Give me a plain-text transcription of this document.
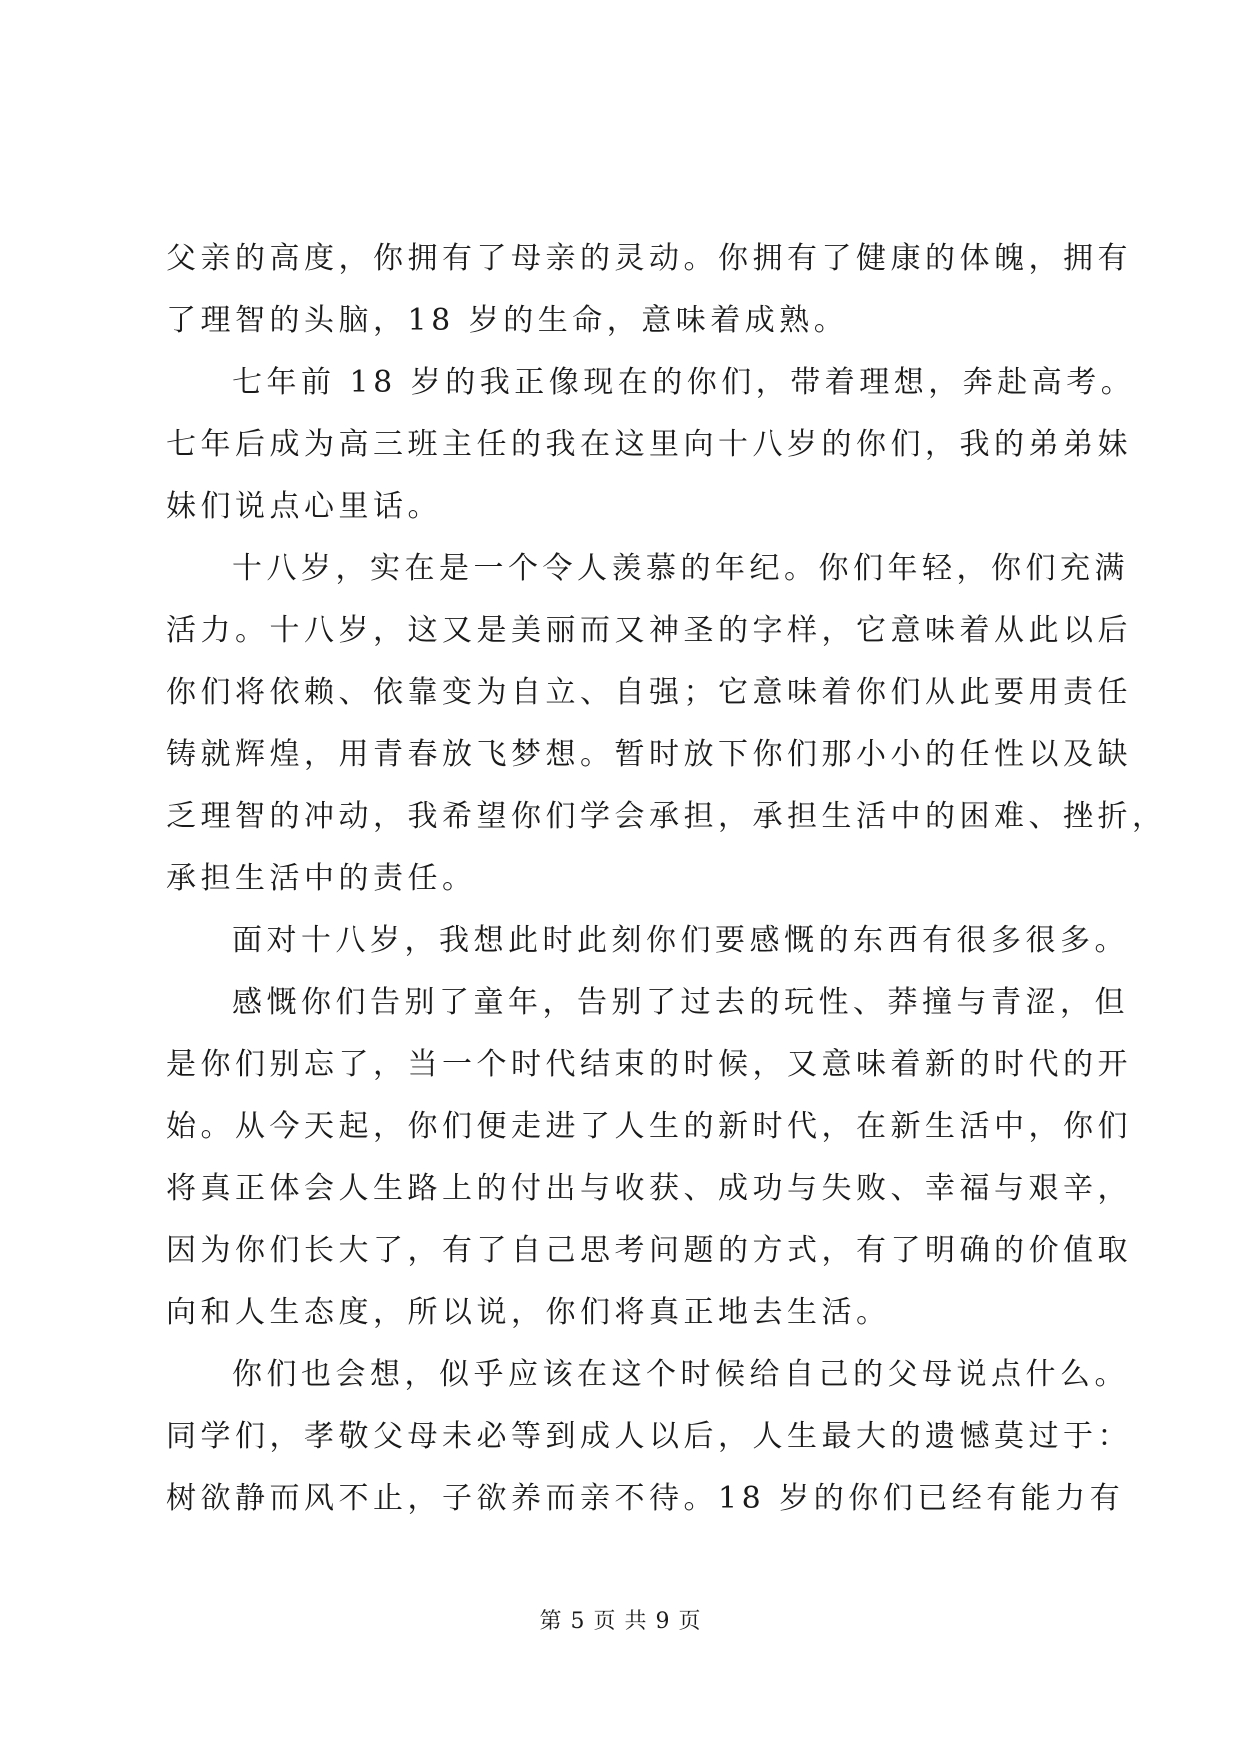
父亲的高度，你拥有了母亲的灵动。你拥有了健康的体魄，拥有
了理智的头脑，18 岁的生命，意味着成熟。
七年前 18 岁的我正像现在的你们，带着理想，奔赴高考。
七年后成为高三班主任的我在这里向十八岁的你们，我的弟弟妹
妹们说点心里话。
十八岁，实在是一个令人羡慕的年纪。你们年轻，你们充满
活力。十八岁，这又是美丽而又神圣的字样，它意味着从此以后
你们将依赖、依靠变为自立、自强；它意味着你们从此要用责任
铸就辉煌，用青春放飞梦想。暂时放下你们那小小的任性以及缺
乏理智的冲动，我希望你们学会承担，承担生活中的困难、挫折，
承担生活中的责任。
面对十八岁，我想此时此刻你们要感慨的东西有很多很多。
感慨你们告别了童年，告别了过去的玩性、莽撞与青涩，但
是你们别忘了，当一个时代结束的时候，又意味着新的时代的开
始。从今天起，你们便走进了人生的新时代，在新生活中，你们
将真正体会人生路上的付出与收获、成功与失败、幸福与艰辛，
因为你们长大了，有了自己思考问题的方式，有了明确的价值取
向和人生态度，所以说，你们将真正地去生活。
你们也会想，似乎应该在这个时候给自己的父母说点什么。
同学们，孝敬父母未必等到成人以后，人生最大的遗憾莫过于：
树欲静而风不止，子欲养而亲不待。18 岁的你们已经有能力有
第 5 页 共 9 页
